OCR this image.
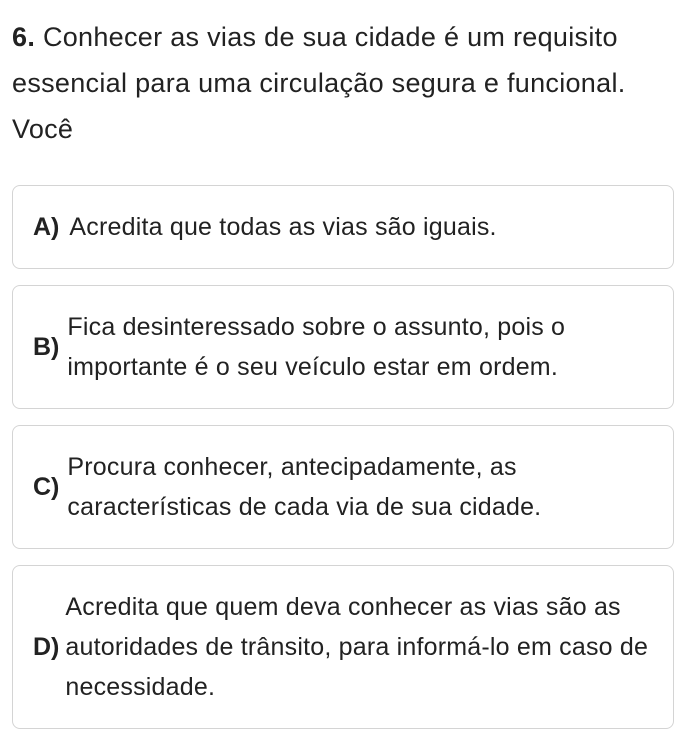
6. Conhecer as vias de sua cidade é um requisito essencial para uma circulação segura e funcional. Você
A) Acredita que todas as vias são iguais.
B)
Fica desinteressado sobre o assunto, pois o importante é o seu veículo estar em ordem.
C)
Procura conhecer, antecipadamente, as características de cada via de sua cidade.
D)
Acredita que quem deva conhecer as vias são as autoridades de trânsito, para informá-lo em caso de necessidade.
